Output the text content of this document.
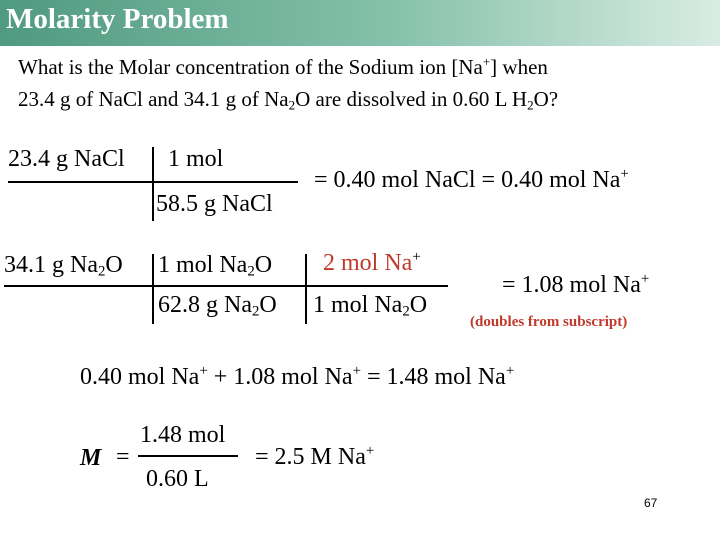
Molarity Problem
What is the Molar concentration of the Sodium ion [Na+] when
23.4 g of NaCl and 34.1 g of $Na_2O$ are dissolved in 0.60 L $H_2O$?
23.4 g NaCl 1 mol
58.5 g NaCl
= 0.40 mol NaCl = 0.40 mol Na+
34.1 g $Na_2O$ 1 mol $Na_2O$
62.8 g $Na_2O$
2 mol Na+
1 mol $Na_2O$
= 1.08 mol Na+
(doubles from subscript)
0.40 mol Na+ + 1.08 mol Na+ = 1.48 mol Na+
M =
1.48 mol
0.60 L
= 2.5 M Na+
67
